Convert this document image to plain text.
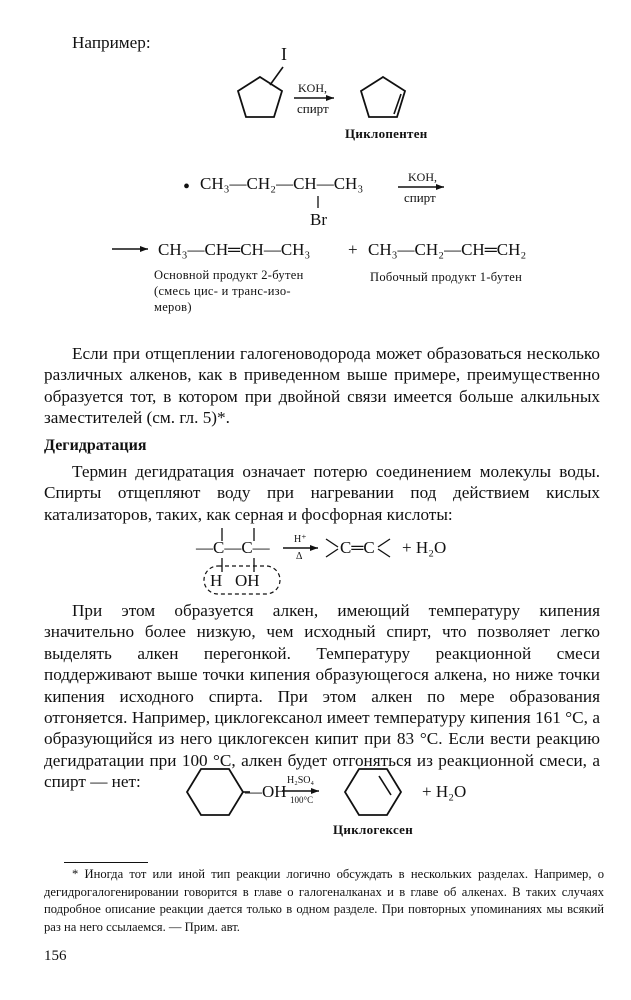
Например:
I
KOH,
спирт
Циклопентен
• CH₃—CH₂—CH—CH₃
Br
KOH,
спирт
CH₃—CH═CH—CH₃ + CH₃—CH₂—CH═CH₂
Основной продукт 2-бутен
(смесь цис- и транс-изо-
меров)
Побочный продукт 1-бутен
Если при отщеплении галогеноводорода может образоваться несколько различных алкенов, как в приведенном выше примере, преимущественно образуется тот, в котором при двойной связи имеется больше алкильных заместителей (см. гл. 5)*.
Дегидратация
Термин дегидратация означает потерю соединением молекулы воды. Спирты отщепляют воду при нагревании под действием кислых катализаторов, таких, как серная и фосфорная кислоты:
—C—C— H⁺
Δ C═C + H₂O
H   OH
При этом образуется алкен, имеющий температуру кипения значительно более низкую, чем исходный спирт, что позволяет легко выделять алкен перегонкой. Температуру реакционной смеси поддерживают выше точки кипения образующегося алкена, но ниже точки кипения исходного спирта. При этом алкен по мере образования отгоняется. Например, циклогексанол имеет температуру кипения 161 °С, а образующийся из него циклогексен кипит при 83 °С. Если вести реакцию дегидратации при 100 °С, алкен будет отгоняться из реакционной смеси, а спирт — нет:
—OH
H₂SO₄
100°C	+ H₂O
Циклогексен
* Иногда тот или иной тип реакции логично обсуждать в нескольких разделах. Например, о дегидрогалогенировании говорится в главе о галогеналканах и в главе об алкенах. В таких случаях подробное описание реакции дается только в одном разделе. При повторных упоминаниях мы всякий раз на него ссылаемся. — Прим. авт.
156
